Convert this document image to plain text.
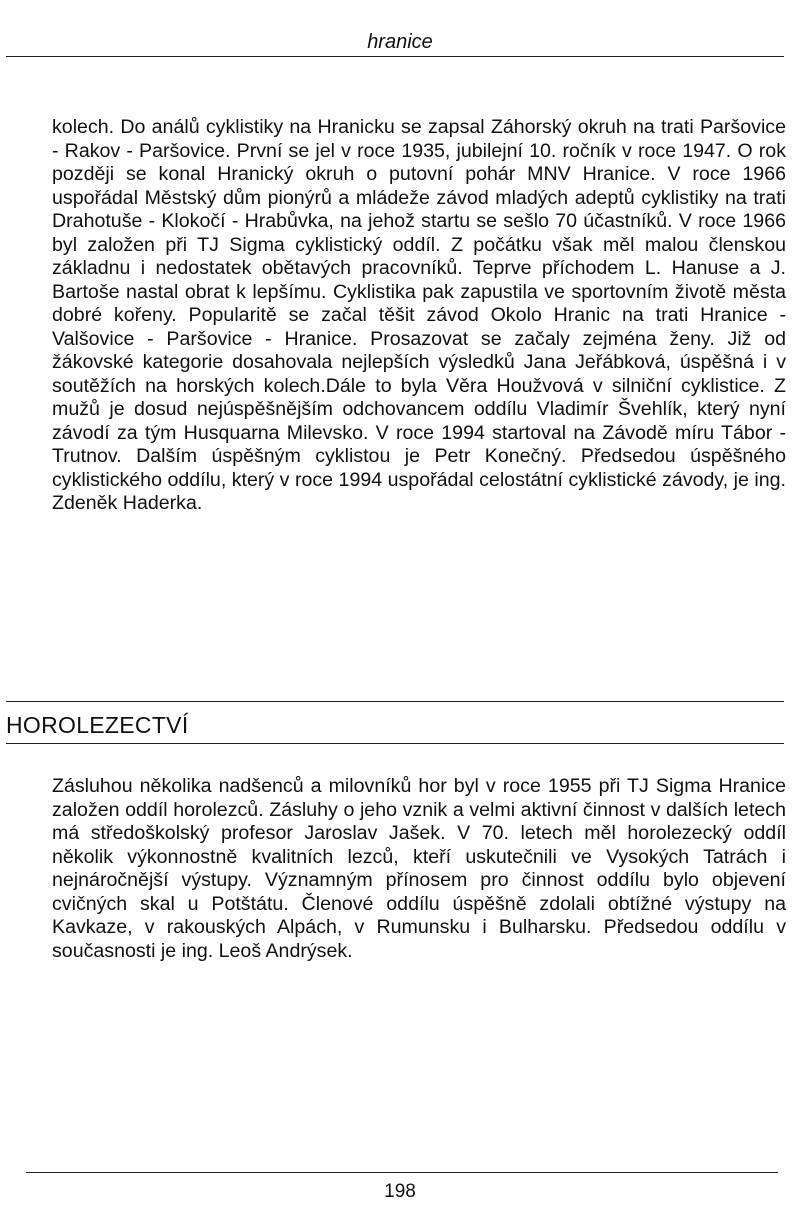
hranice

kolech. Do análů cyklistiky na Hranicku se zapsal Záhorský okruh na trati Paršovice - Rakov - Paršovice. První se jel v roce 1935, jubilejní 10. ročník v roce 1947. O rok později se konal Hranický okruh o putovní pohár MNV Hranice. V roce 1966 uspořádal Městský dům pionýrů a mládeže závod mladých adeptů cyklistiky na trati Drahotuše - Klokočí - Hrabůvka, na jehož startu se sešlo 70 účastníků. V roce 1966 byl založen při TJ Sigma cyklistický oddíl. Z počátku však měl malou členskou základnu i nedostatek obětavých pracovníků. Teprve příchodem L. Hanuse a J. Bartoše nastal obrat k lepšímu. Cyklistika pak zapustila ve sportovním životě města dobré kořeny. Popularitě se začal těšit závod Okolo Hranic na trati Hranice - Valšovice - Paršovice - Hranice. Prosazovat se začaly zejména ženy. Již od žákovské kategorie dosahovala nejlepších výsledků Jana Jeřábková, úspěšná i v soutěžích na horských kolech.Dále to byla Věra Houžvová v silniční cyklistice. Z mužů je dosud nejúspěšnějším odchovancem oddílu Vladimír Švehlík, který nyní závodí za tým Husquarna Milevsko. V roce 1994 startoval na Závodě míru Tábor - Trutnov. Dalším úspěšným cyklistou je Petr Konečný. Předsedou úspěšného cyklistického oddílu, který v roce 1994 uspořádal celostátní cyklistické závody, je ing. Zdeněk Haderka.

HOROLEZECTVÍ

Zásluhou několika nadšenců a milovníků hor byl v roce 1955 při TJ Sigma Hranice založen oddíl horolezců. Zásluhy o jeho vznik a velmi aktivní činnost v dalších letech má středoškolský profesor Jaroslav Jašek. V 70. letech měl horolezecký oddíl několik výkonnostně kvalitních lezců, kteří uskutečnili ve Vysokých Tatrách i nejnáročnější výstupy. Významným přínosem pro činnost oddílu bylo objevení cvičných skal u Potštátu. Členové oddílu úspěšně zdolali obtížné výstupy na Kavkaze, v rakouských Alpách, v Rumunsku i Bulharsku. Předsedou oddílu v současnosti je ing. Leoš Andrýsek.

198
